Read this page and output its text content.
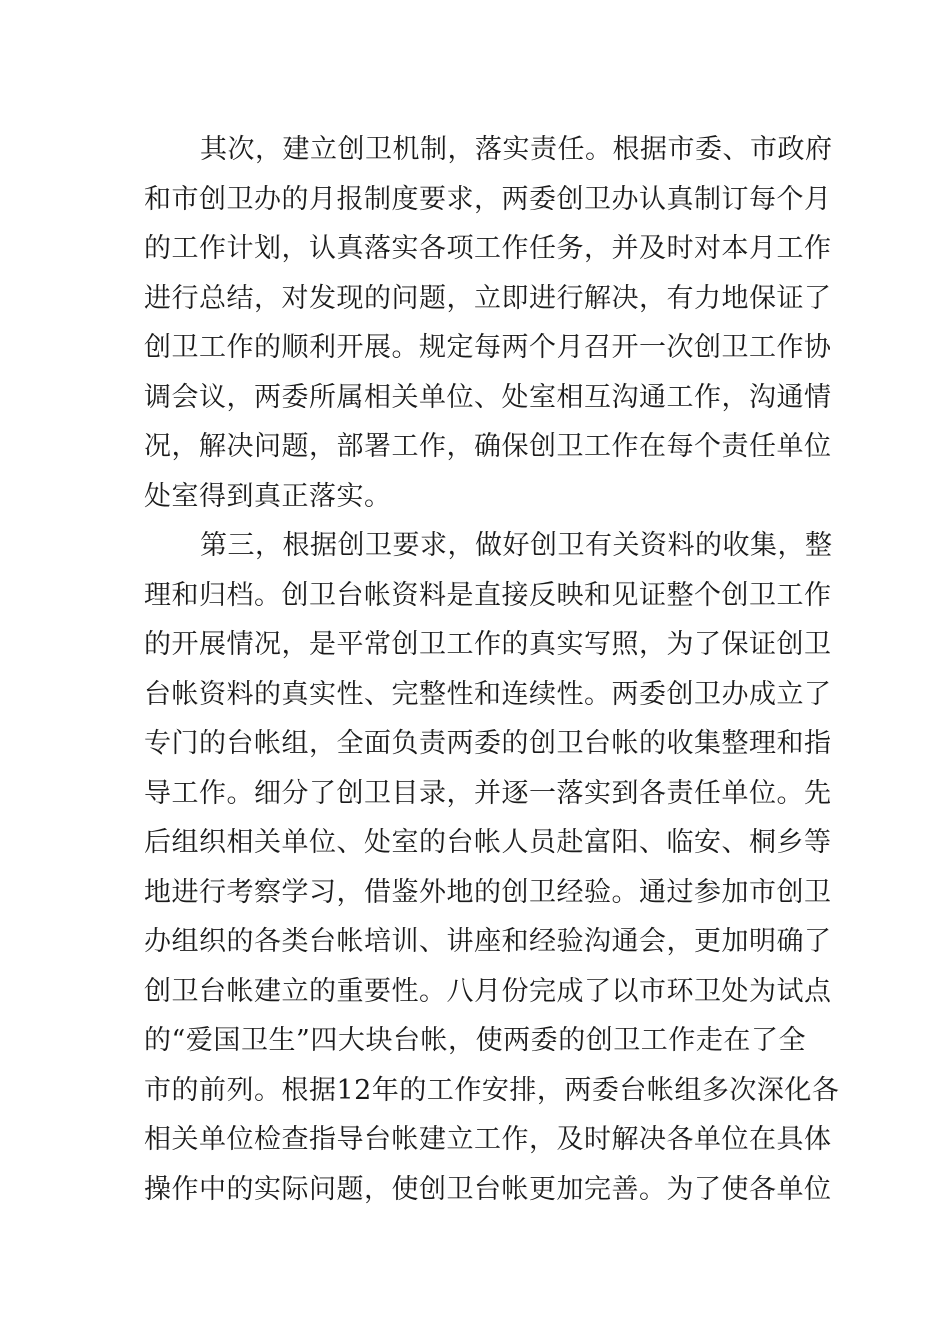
其次，建立创卫机制，落实责任。根据市委、市政府
和市创卫办的月报制度要求，两委创卫办认真制订每个月
的工作计划，认真落实各项工作任务，并及时对本月工作
进行总结，对发现的问题，立即进行解决，有力地保证了
创卫工作的顺利开展。规定每两个月召开一次创卫工作协
调会议，两委所属相关单位、处室相互沟通工作，沟通情
况，解决问题，部署工作，确保创卫工作在每个责任单位
处室得到真正落实。
第三，根据创卫要求，做好创卫有关资料的收集，整
理和归档。创卫台帐资料是直接反映和见证整个创卫工作
的开展情况，是平常创卫工作的真实写照，为了保证创卫
台帐资料的真实性、完整性和连续性。两委创卫办成立了
专门的台帐组，全面负责两委的创卫台帐的收集整理和指
导工作。细分了创卫目录，并逐一落实到各责任单位。先
后组织相关单位、处室的台帐人员赴富阳、临安、桐乡等
地进行考察学习，借鉴外地的创卫经验。通过参加市创卫
办组织的各类台帐培训、讲座和经验沟通会，更加明确了
创卫台帐建立的重要性。八月份完成了以市环卫处为试点
的“爱国卫生”四大块台帐，使两委的创卫工作走在了全
市的前列。根据12年的工作安排，两委台帐组多次深化各
相关单位检查指导台帐建立工作，及时解决各单位在具体
操作中的实际问题，使创卫台帐更加完善。为了使各单位
